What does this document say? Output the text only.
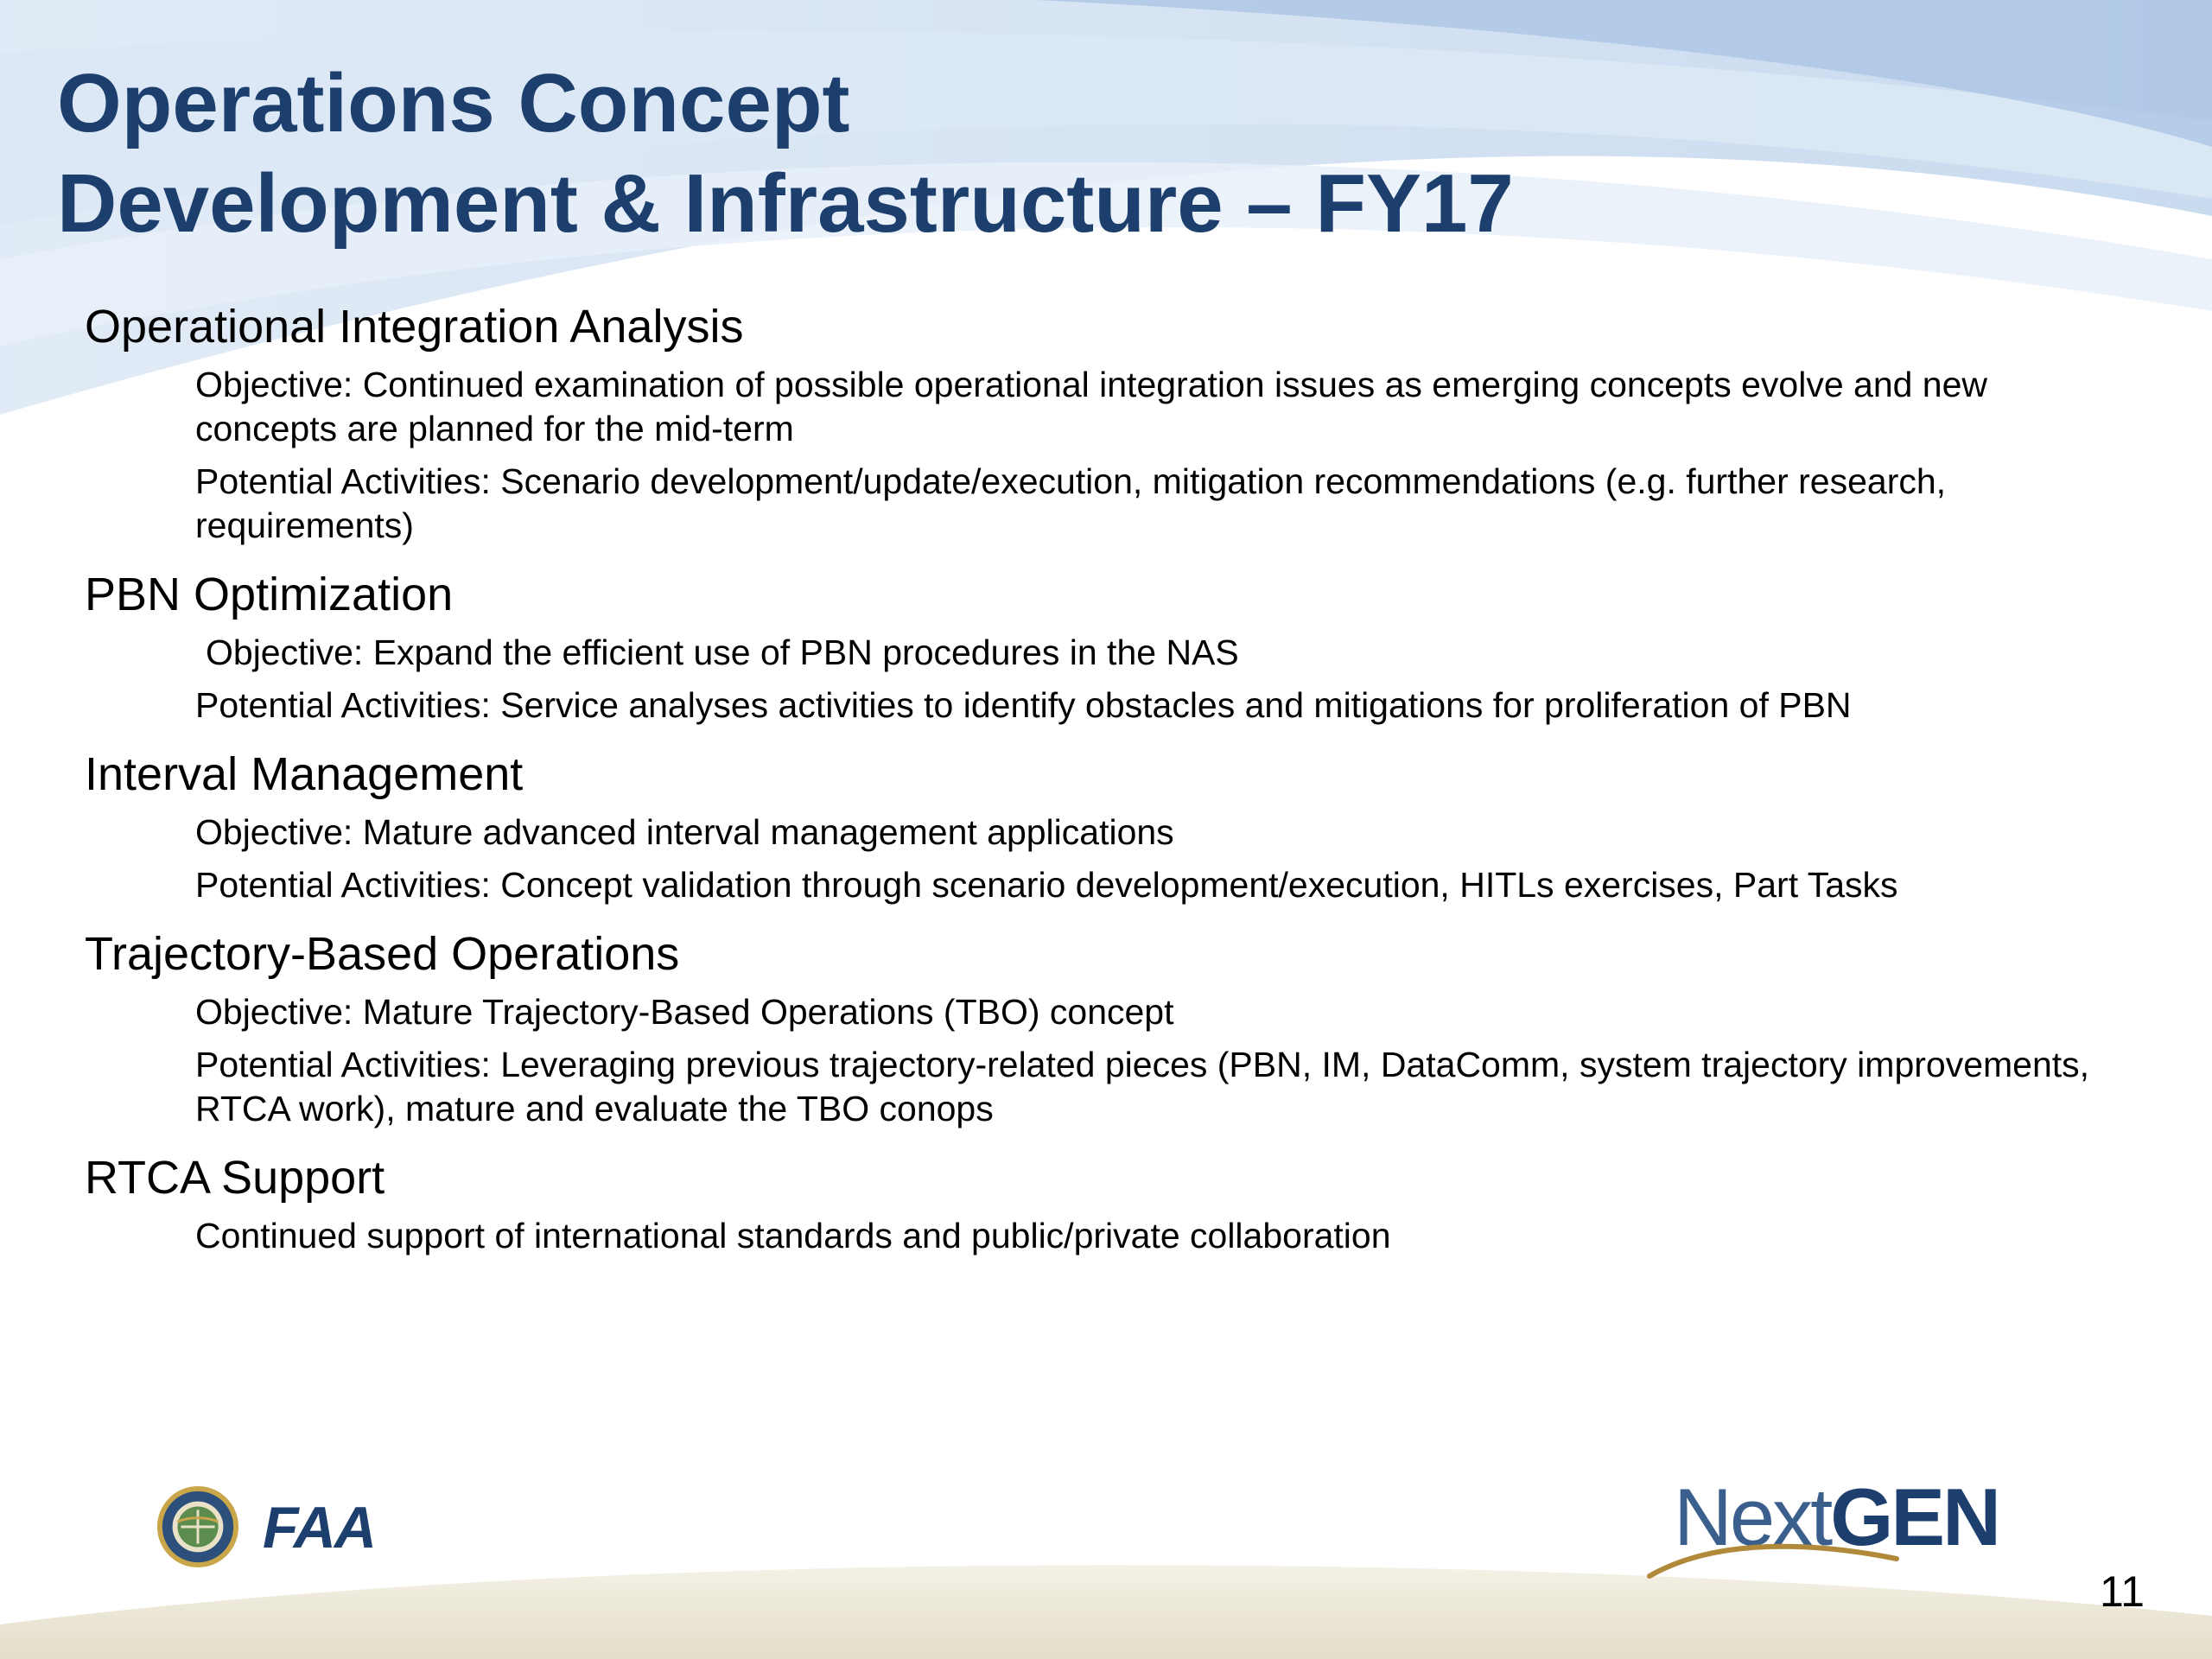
Operations Concept
Development & Infrastructure – FY17
Operational Integration Analysis
Objective: Continued examination of possible operational integration issues as emerging concepts evolve and new concepts are planned for the mid-term
Potential Activities: Scenario development/update/execution, mitigation recommendations (e.g. further research, requirements)
PBN Optimization
Objective: Expand the efficient use of PBN procedures in the NAS
Potential Activities: Service analyses activities to identify obstacles and mitigations for proliferation of PBN
Interval Management
Objective: Mature advanced interval management applications
Potential Activities: Concept validation through scenario development/execution, HITLs exercises, Part Tasks
Trajectory-Based Operations
Objective: Mature Trajectory-Based Operations (TBO) concept
Potential Activities: Leveraging previous trajectory-related pieces (PBN, IM, DataComm, system trajectory improvements, RTCA work), mature and evaluate the TBO conops
RTCA Support
Continued support of international standards and public/private collaboration
FAA	NextGEN
11
